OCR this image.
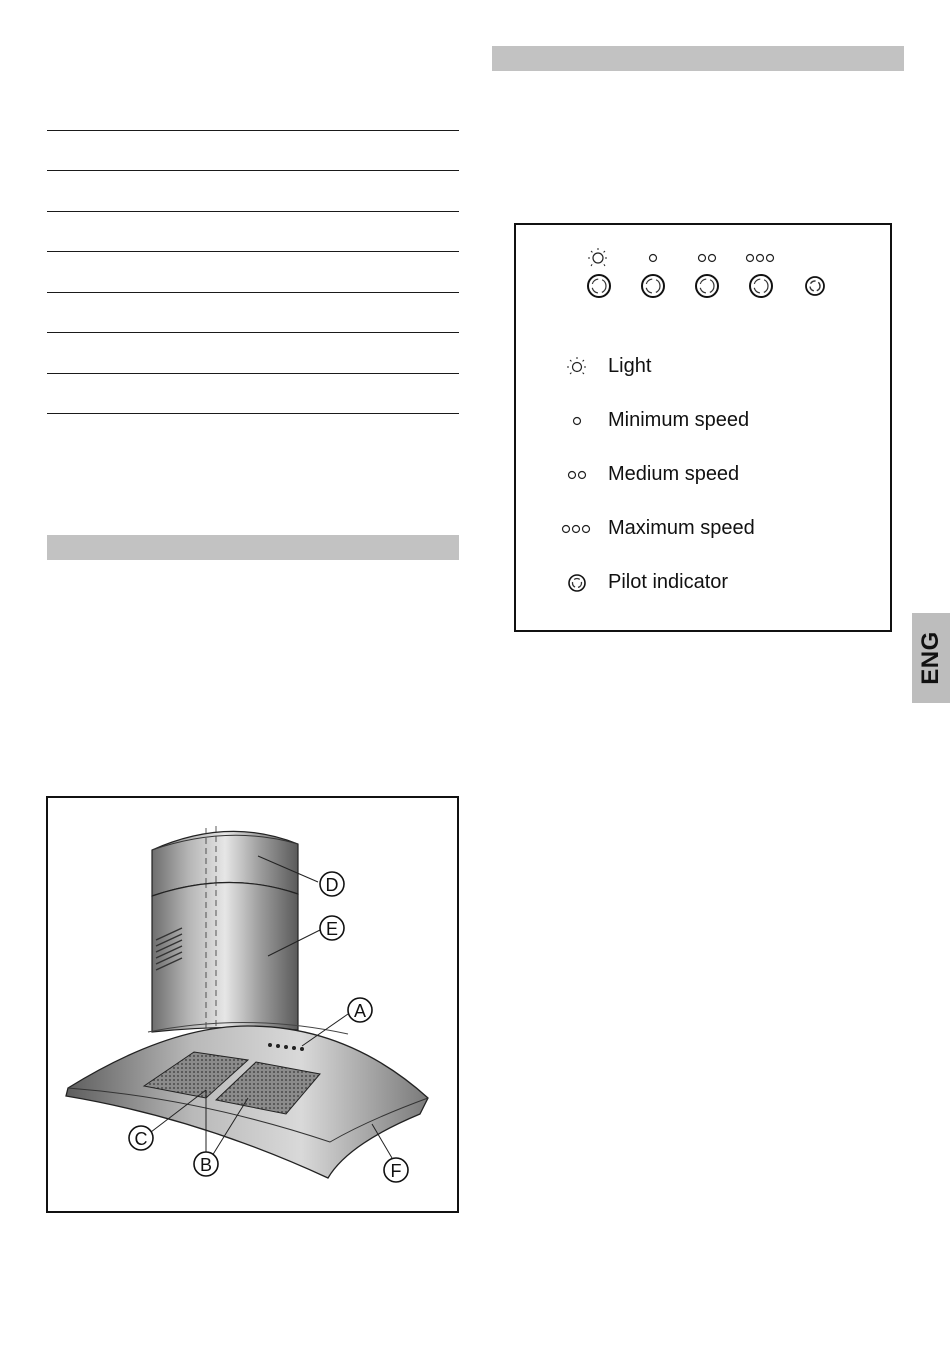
A
B
C
D
E
F
Light
Minimum speed
Medium speed
Maximum speed
Pilot indicator
ENG
